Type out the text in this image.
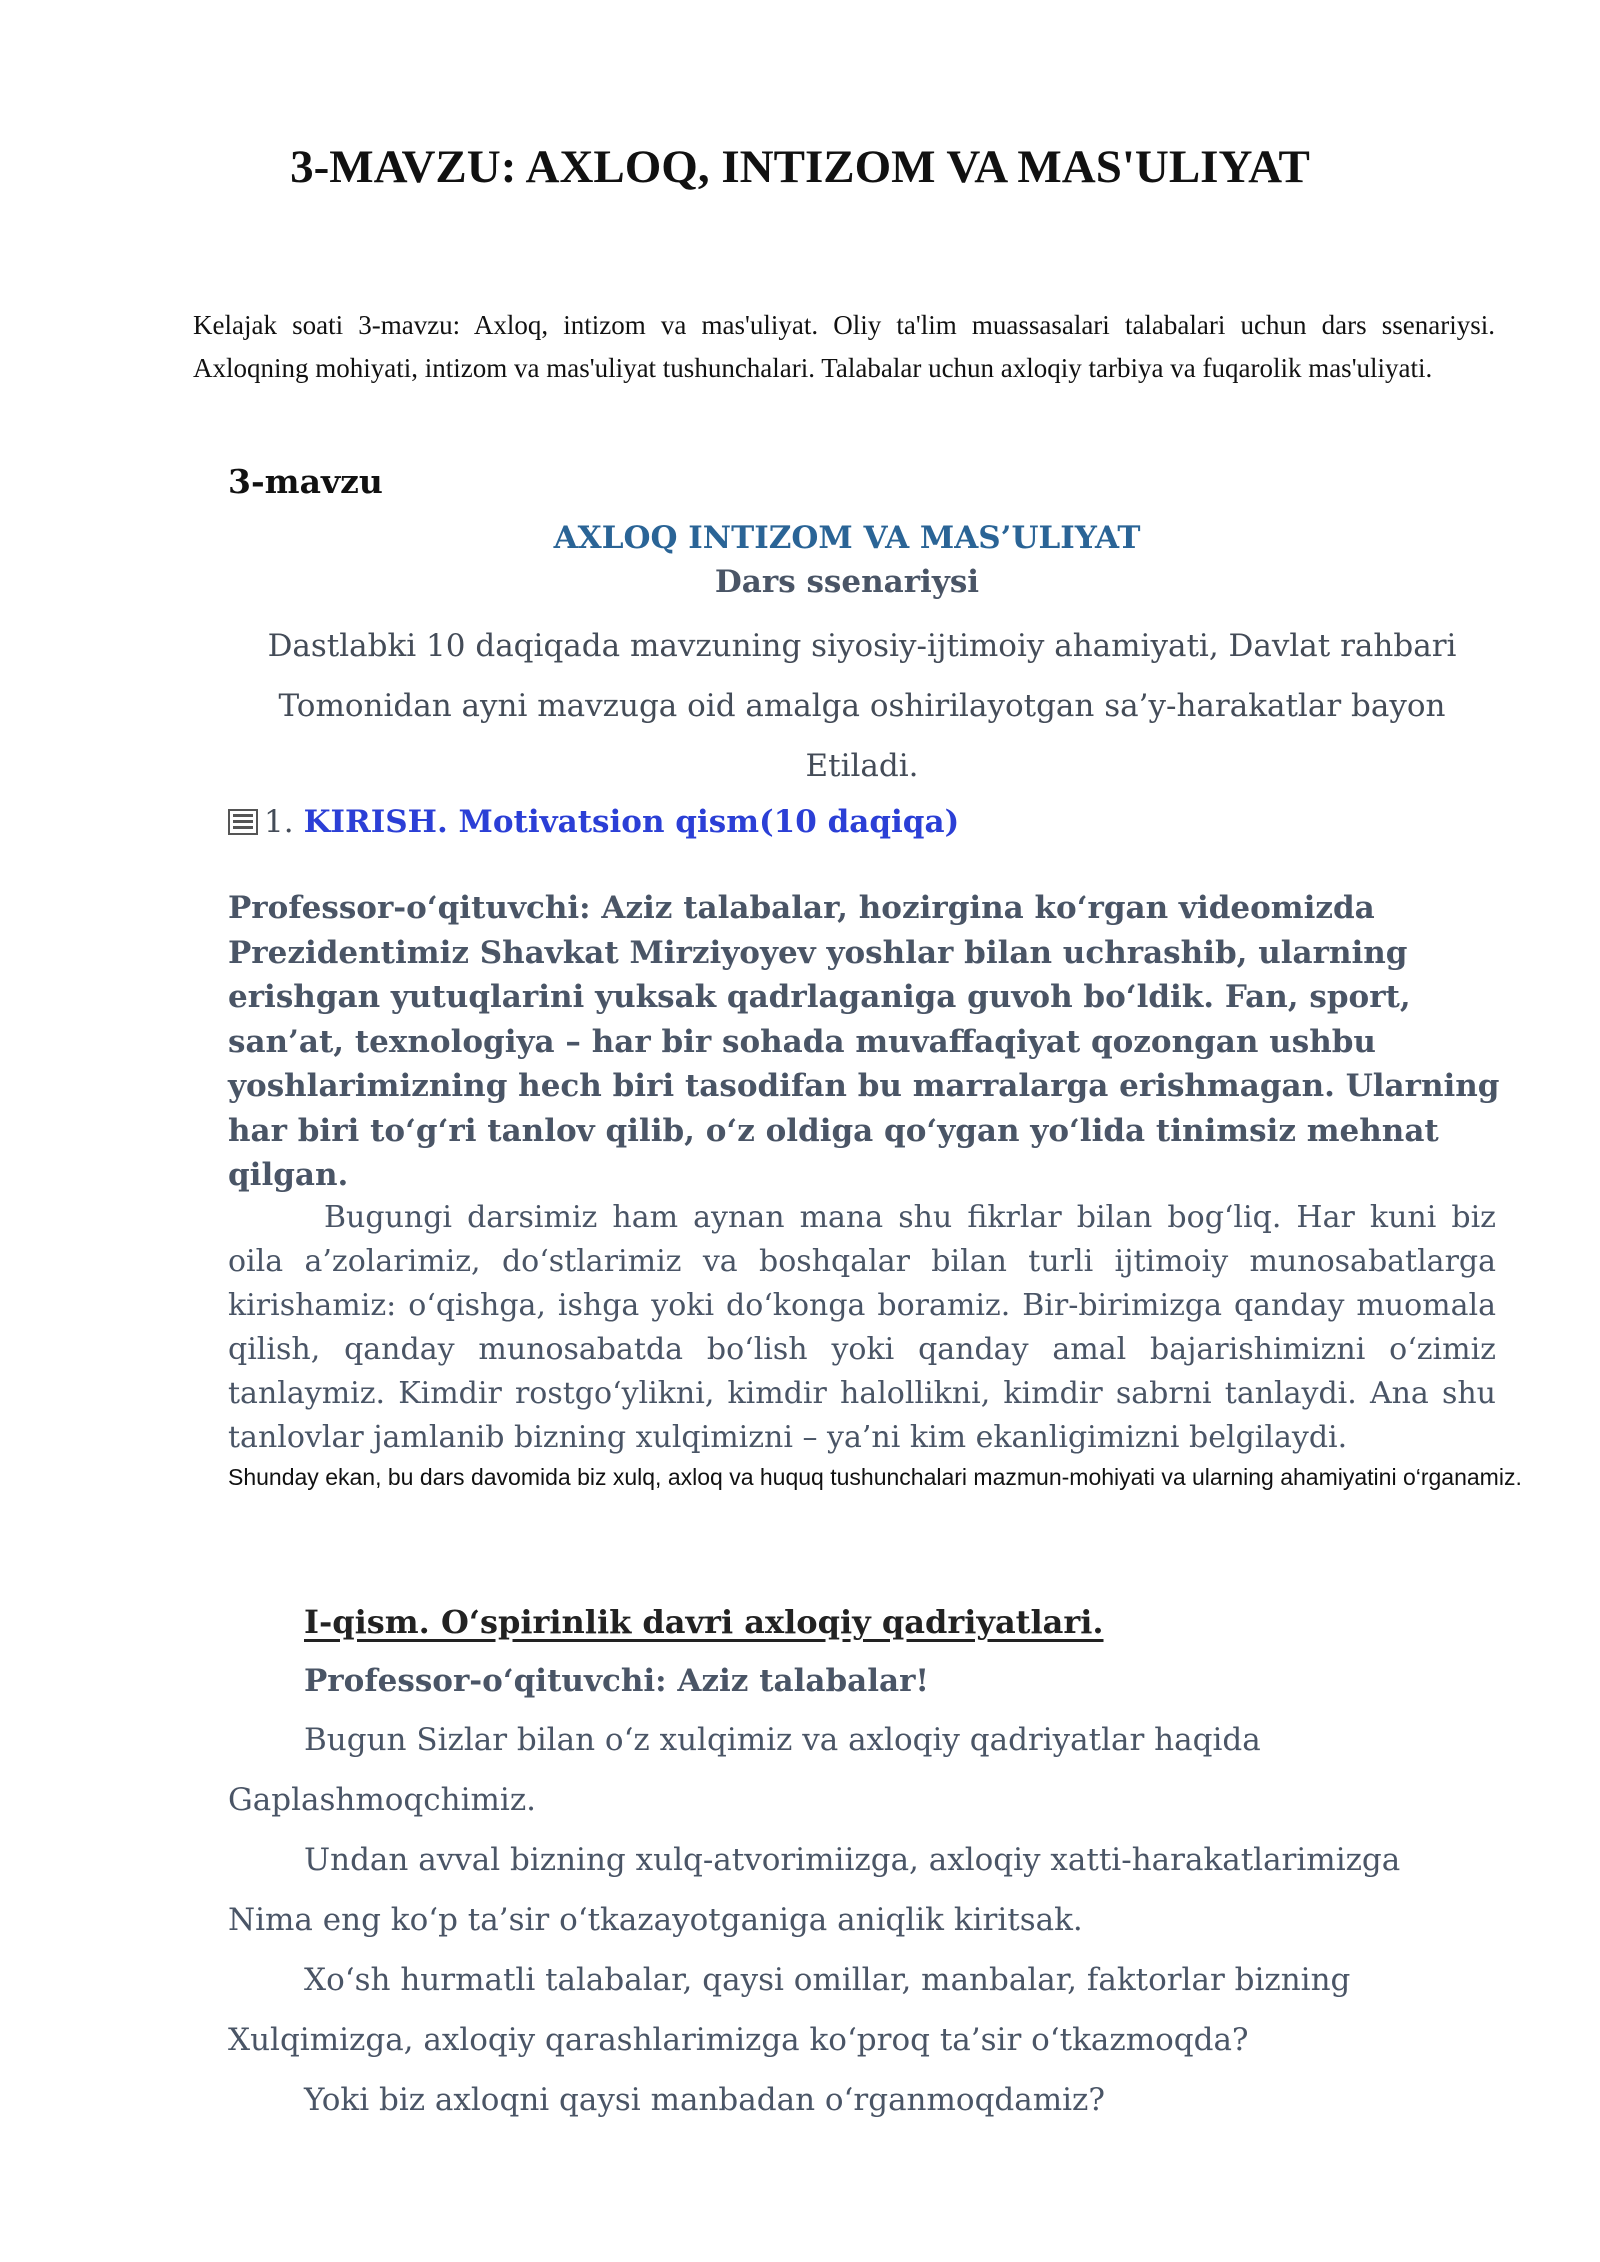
3-MAVZU: AXLOQ, INTIZOM VA MAS'ULIYAT

Kelajak soati 3-mavzu: Axloq, intizom va mas'uliyat. Oliy ta'lim muassasalari talabalari uchun dars ssenariysi. Axloqning mohiyati, intizom va mas'uliyat tushunchalari. Talabalar uchun axloqiy tarbiya va fuqarolik mas'uliyati.

3-mavzu

AXLOQ INTIZOM VA MAS’ULIYAT

Dars ssenariysi

Dastlabki 10 daqiqada mavzuning siyosiy-ijtimoiy ahamiyati, Davlat rahbari
Tomonidan ayni mavzuga oid amalga oshirilayotgan sa’y-harakatlar bayon
Etiladi.

1. KIRISH. Motivatsion qism(10 daqiqa)

Professor-o‘qituvchi: Aziz talabalar, hozirgina ko‘rgan videomizda Prezidentimiz Shavkat Mirziyoyev yoshlar bilan uchrashib, ularning erishgan yutuqlarini yuksak qadrlaganiga guvoh bo‘ldik. Fan, sport, san’at, texnologiya – har bir sohada muvaffaqiyat qozongan ushbu yoshlarimizning hech biri tasodifan bu marralarga erishmagan. Ularning har biri to‘g‘ri tanlov qilib, o‘z oldiga qo‘ygan yo‘lida tinimsiz mehnat qilgan.

Bugungi darsimiz ham aynan mana shu fikrlar bilan bog‘liq. Har kuni biz oila a’zolarimiz, do‘stlarimiz va boshqalar bilan turli ijtimoiy munosabatlarga kirishamiz: o‘qishga, ishga yoki do‘konga boramiz. Bir-birimizga qanday muomala qilish, qanday munosabatda bo‘lish yoki qanday amal bajarishimizni o‘zimiz tanlaymiz. Kimdir rostgo‘ylikni, kimdir halollikni, kimdir sabrni tanlaydi. Ana shu tanlovlar jamlanib bizning xulqimizni – ya’ni kim ekanligimizni belgilaydi.

Shunday ekan, bu dars davomida biz xulq, axloq va huquq tushunchalari mazmun-mohiyati va ularning ahamiyatini o‘rganamiz.

I-qism. O‘spirinlik davri axloqiy qadriyatlari.

Professor-o‘qituvchi: Aziz talabalar!

Bugun Sizlar bilan o‘z xulqimiz va axloqiy qadriyatlar haqida

Gaplashmoqchimiz.

Undan avval bizning xulq-atvorimiizga, axloqiy xatti-harakatlarimizga

Nima eng ko‘p ta’sir o‘tkazayotganiga aniqlik kiritsak.

Xo‘sh hurmatli talabalar, qaysi omillar, manbalar, faktorlar bizning

Xulqimizga, axloqiy qarashlarimizga ko‘proq ta’sir o‘tkazmoqda?

Yoki biz axloqni qaysi manbadan o‘rganmoqdamiz?
